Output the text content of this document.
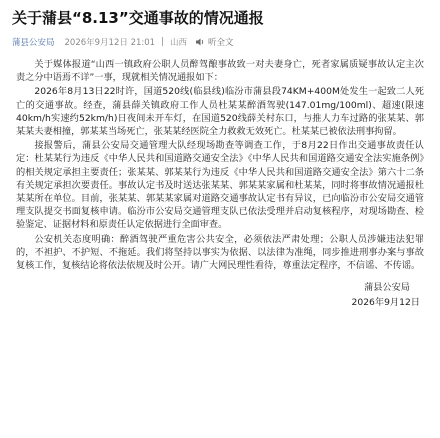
关于蒲县“8.13”交通事故的情况通报
蒲县公安局 2026年9月12日 21:01 | 山西 听全文

关于媒体报道“山西一镇政府公职人员醉驾酿事故致一对夫妻身亡，死者家属质疑事故认定主次责之分中语焉不详”一事，现就相关情况通报如下：

2026年8月13日22时许，国道520线(临县线)临汾市蒲县段74KM+400M处发生一起致二人死亡的交通事故。经查，蒲县薛关镇政府工作人员杜某某醉酒驾驶(147.01mg/100ml)、超速(限速40km/h实速约52km/h)日夜间未开车灯，在国道520线薛关村东口，与推人力车过路的张某某、郭某某夫妻相撞，郭某某当场死亡，张某某经医院全力救救无效死亡。杜某某已被依法刑事拘留。

接报警后，蒲县公安局交通管理大队经现场勘查等调查工作，于8月22日作出交通事故责任认定：杜某某行为违反《中华人民共和国道路交通安全法》《中华人民共和国道路交通安全法实施条例》的相关规定承担主要责任；张某某、郭某某行为违反《中华人民共和国道路交通安全法》第六十二条有关规定承担次要责任。事故认定书及时送达张某某、郭某某家属和杜某某，同时将事故情况通报杜某某所在单位。目前，张某某、郭某某家属对道路交通事故认定书有异议，已向临汾市公安局交通管理支队提交书面复核申请。临汾市公安局交通管理支队已依法受理并启动复核程序，对现场勘查、检验鉴定、证据材料和原责任认定依据进行全面审查。

公安机关态度明确：醉酒驾驶严重危害公共安全，必须依法严肃处理；公职人员涉嫌违法犯罪的，不袒护、不护短、不拖延。我们将坚持以事实为依据、以法律为准绳，同步推进刑事办案与事故复核工作，复核结论将依法依规及时公开。请广大网民理性看待，尊重法定程序，不信谣、不传谣。

蒲县公安局
2026年9月12日
